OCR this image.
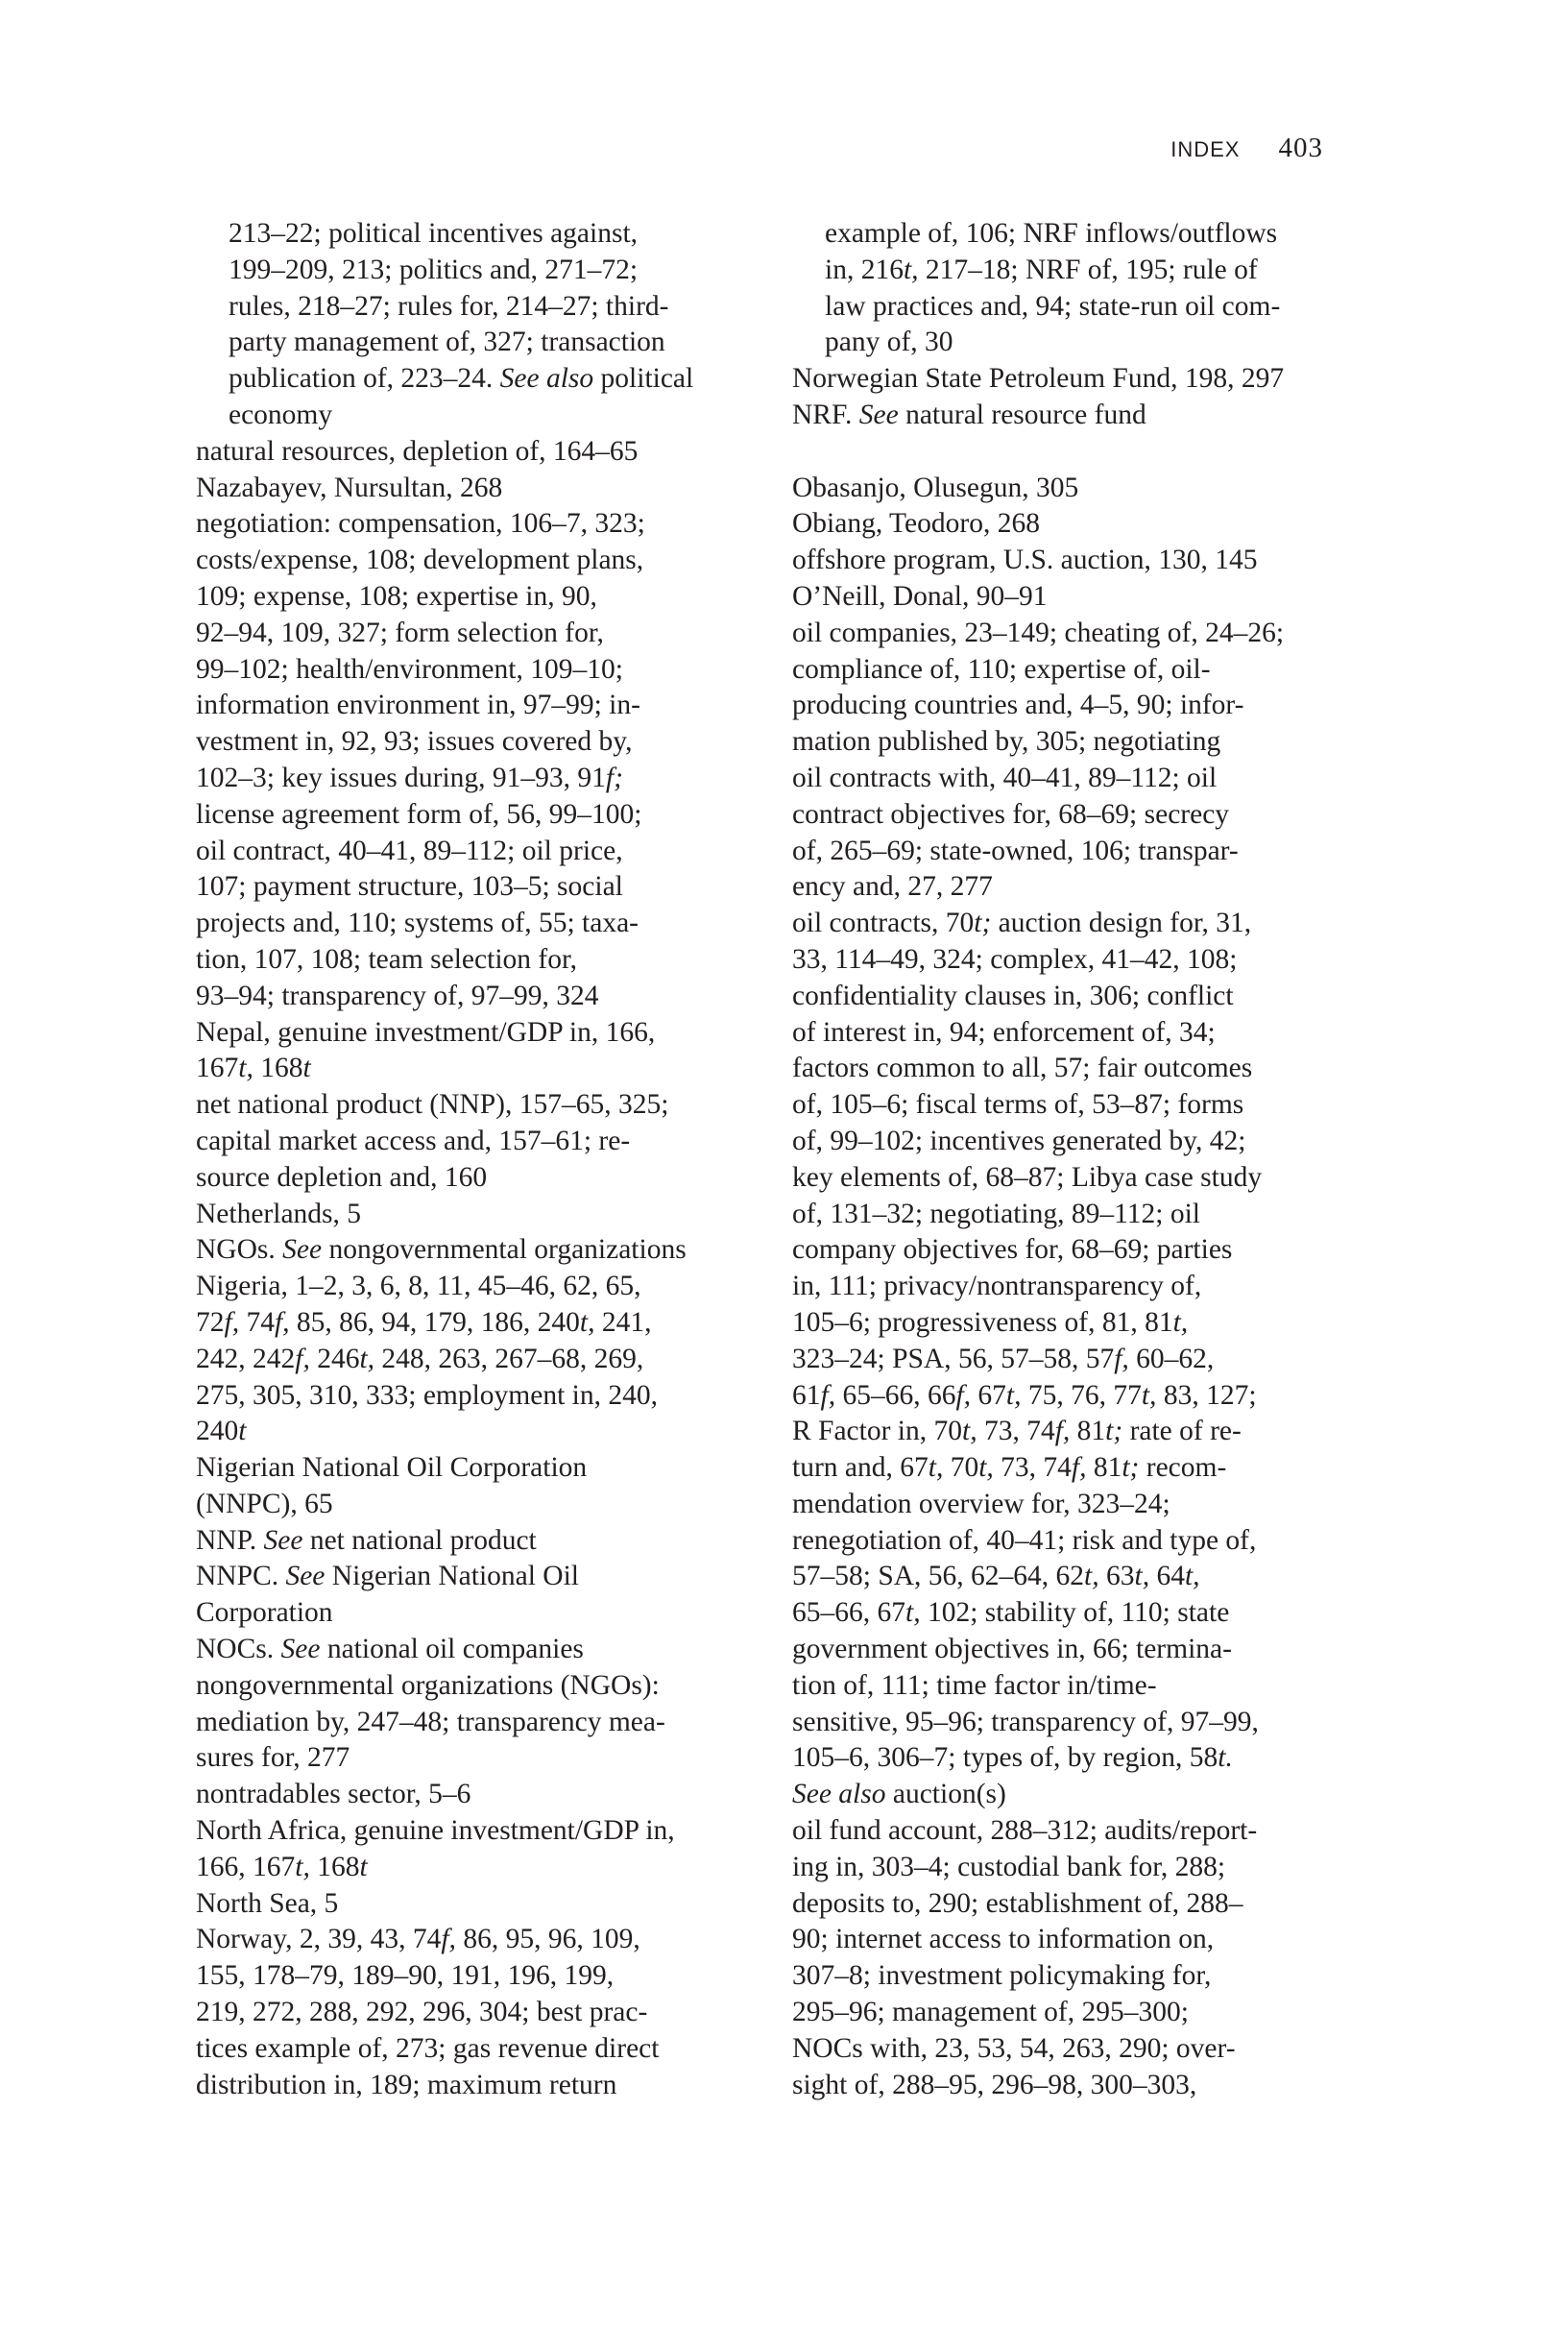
INDEX 403

213–22; political incentives against,
199–209, 213; politics and, 271–72;
rules, 218–27; rules for, 214–27; third-
party management of, 327; transaction
publication of, 223–24. See also political
economy

natural resources, depletion of, 164–65

Nazabayev, Nursultan, 268

negotiation: compensation, 106–7, 323;
costs/expense, 108; development plans,
109; expense, 108; expertise in, 90,
92–94, 109, 327; form selection for,
99–102; health/environment, 109–10;
information environment in, 97–99; in-
vestment in, 92, 93; issues covered by,
102–3; key issues during, 91–93, 91f;
license agreement form of, 56, 99–100;
oil contract, 40–41, 89–112; oil price,
107; payment structure, 103–5; social
projects and, 110; systems of, 55; taxa-
tion, 107, 108; team selection for,
93–94; transparency of, 97–99, 324

Nepal, genuine investment/GDP in, 166,
167t, 168t

net national product (NNP), 157–65, 325;
capital market access and, 157–61; re-
source depletion and, 160

Netherlands, 5

NGOs. See nongovernmental organizations

Nigeria, 1–2, 3, 6, 8, 11, 45–46, 62, 65,
72f, 74f, 85, 86, 94, 179, 186, 240t, 241,
242, 242f, 246t, 248, 263, 267–68, 269,
275, 305, 310, 333; employment in, 240,
240t

Nigerian National Oil Corporation
(NNPC), 65

NNP. See net national product

NNPC. See Nigerian National Oil
Corporation

NOCs. See national oil companies

nongovernmental organizations (NGOs):
mediation by, 247–48; transparency mea-
sures for, 277

nontradables sector, 5–6

North Africa, genuine investment/GDP in,
166, 167t, 168t

North Sea, 5

Norway, 2, 39, 43, 74f, 86, 95, 96, 109,
155, 178–79, 189–90, 191, 196, 199,
219, 272, 288, 292, 296, 304; best prac-
tices example of, 273; gas revenue direct
distribution in, 189; maximum return

example of, 106; NRF inflows/outflows
in, 216t, 217–18; NRF of, 195; rule of
law practices and, 94; state-run oil com-
pany of, 30

Norwegian State Petroleum Fund, 198, 297

NRF. See natural resource fund

Obasanjo, Olusegun, 305

Obiang, Teodoro, 268

offshore program, U.S. auction, 130, 145

O’Neill, Donal, 90–91

oil companies, 23–149; cheating of, 24–26;
compliance of, 110; expertise of, oil-
producing countries and, 4–5, 90; infor-
mation published by, 305; negotiating
oil contracts with, 40–41, 89–112; oil
contract objectives for, 68–69; secrecy
of, 265–69; state-owned, 106; transpar-
ency and, 27, 277

oil contracts, 70t; auction design for, 31,
33, 114–49, 324; complex, 41–42, 108;
confidentiality clauses in, 306; conflict
of interest in, 94; enforcement of, 34;
factors common to all, 57; fair outcomes
of, 105–6; fiscal terms of, 53–87; forms
of, 99–102; incentives generated by, 42;
key elements of, 68–87; Libya case study
of, 131–32; negotiating, 89–112; oil
company objectives for, 68–69; parties
in, 111; privacy/nontransparency of,
105–6; progressiveness of, 81, 81t,
323–24; PSA, 56, 57–58, 57f, 60–62,
61f, 65–66, 66f, 67t, 75, 76, 77t, 83, 127;
R Factor in, 70t, 73, 74f, 81t; rate of re-
turn and, 67t, 70t, 73, 74f, 81t; recom-
mendation overview for, 323–24;
renegotiation of, 40–41; risk and type of,
57–58; SA, 56, 62–64, 62t, 63t, 64t,
65–66, 67t, 102; stability of, 110; state
government objectives in, 66; termina-
tion of, 111; time factor in/time-
sensitive, 95–96; transparency of, 97–99,
105–6, 306–7; types of, by region, 58t.
See also auction(s)

oil fund account, 288–312; audits/report-
ing in, 303–4; custodial bank for, 288;
deposits to, 290; establishment of, 288–
90; internet access to information on,
307–8; investment policymaking for,
295–96; management of, 295–300;
NOCs with, 23, 53, 54, 263, 290; over-
sight of, 288–95, 296–98, 300–303,
